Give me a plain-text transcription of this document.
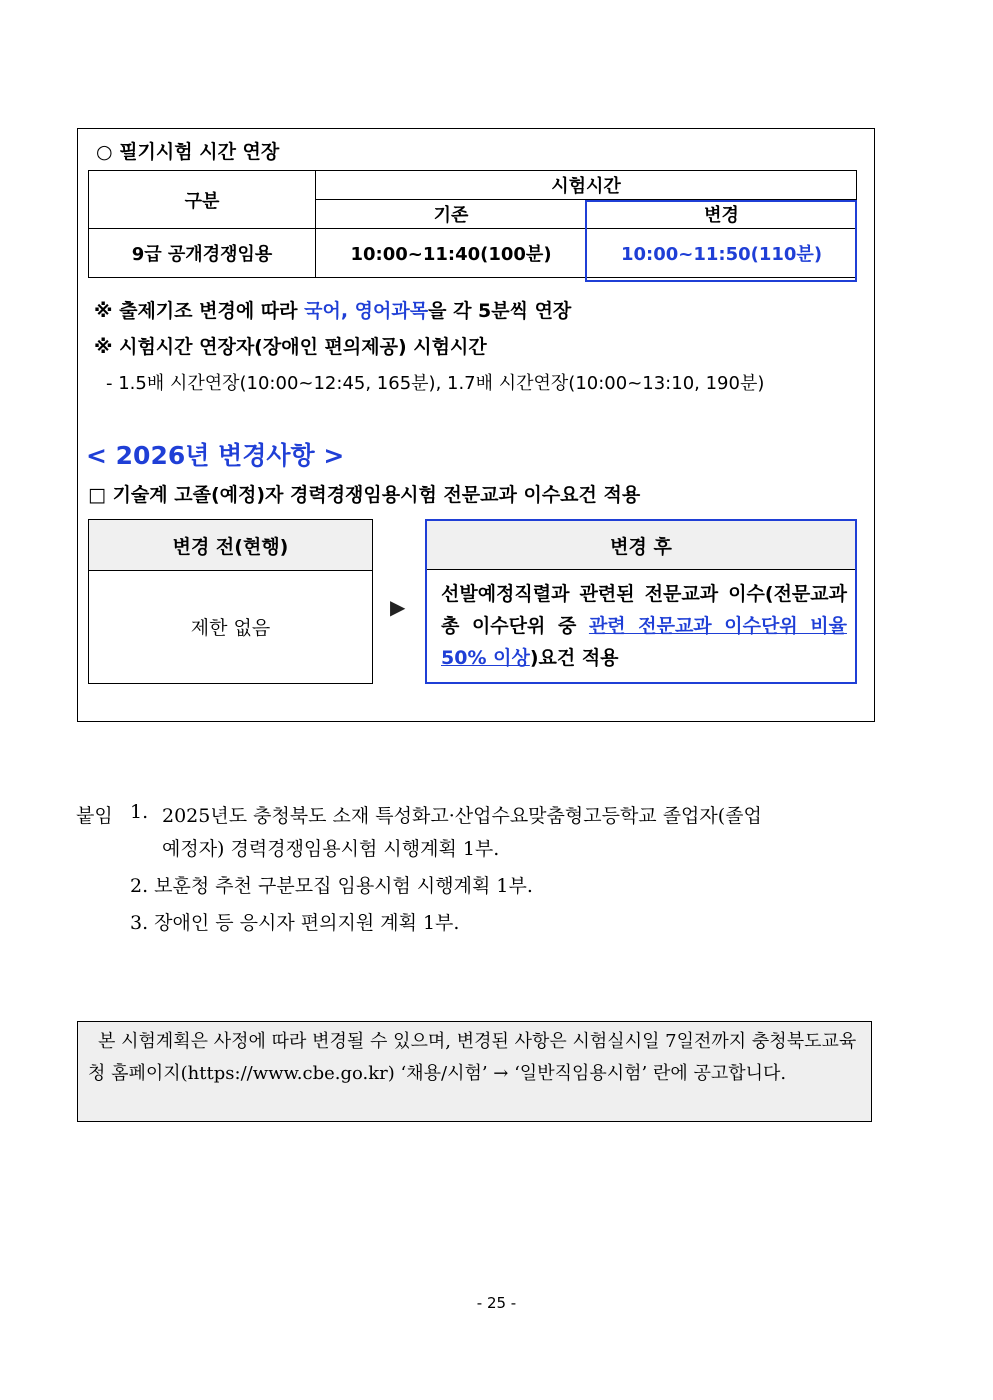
○ 필기시험 시간 연장
구분	시험시간	
	기존	변경
9급 공개경쟁임용	10:00~11:40(100분)	10:00~11:50(110분)
※ 출제기조 변경에 따라 국어, 영어과목을 각 5분씩 연장
※ 시험시간 연장자(장애인 편의제공) 시험시간
- 1.5배 시간연장(10:00~12:45, 165분), 1.7배 시간연장(10:00~13:10, 190분)
< 2026년 변경사항 >
□ 기술계 고졸(예정)자 경력경쟁임용시험 전문교과 이수요건 적용
변경 전(현행)
제한 없음
▶
변경 후
선발예정직렬과 관련된 전문교과 이수(전문교과 총 이수단위 중 관련 전문교과 이수단위 비율 50% 이상)요건 적용
붙임 1. 2025년도 충청북도 소재 특성화고·산업수요맞춤형고등학교 졸업자(졸업
예정자) 경력경쟁임용시험 시행계획 1부.
2. 보훈청 추천 구분모집 임용시험 시행계획 1부.
3. 장애인 등 응시자 편의지원 계획 1부.
본 시험계획은 사정에 따라 변경될 수 있으며, 변경된 사항은 시험실시일 7일전까지 충청북도교육청 홈페이지(https://www.cbe.go.kr) ‘채용/시험’ → ‘일반직임용시험’ 란에 공고합니다.
- 25 -
